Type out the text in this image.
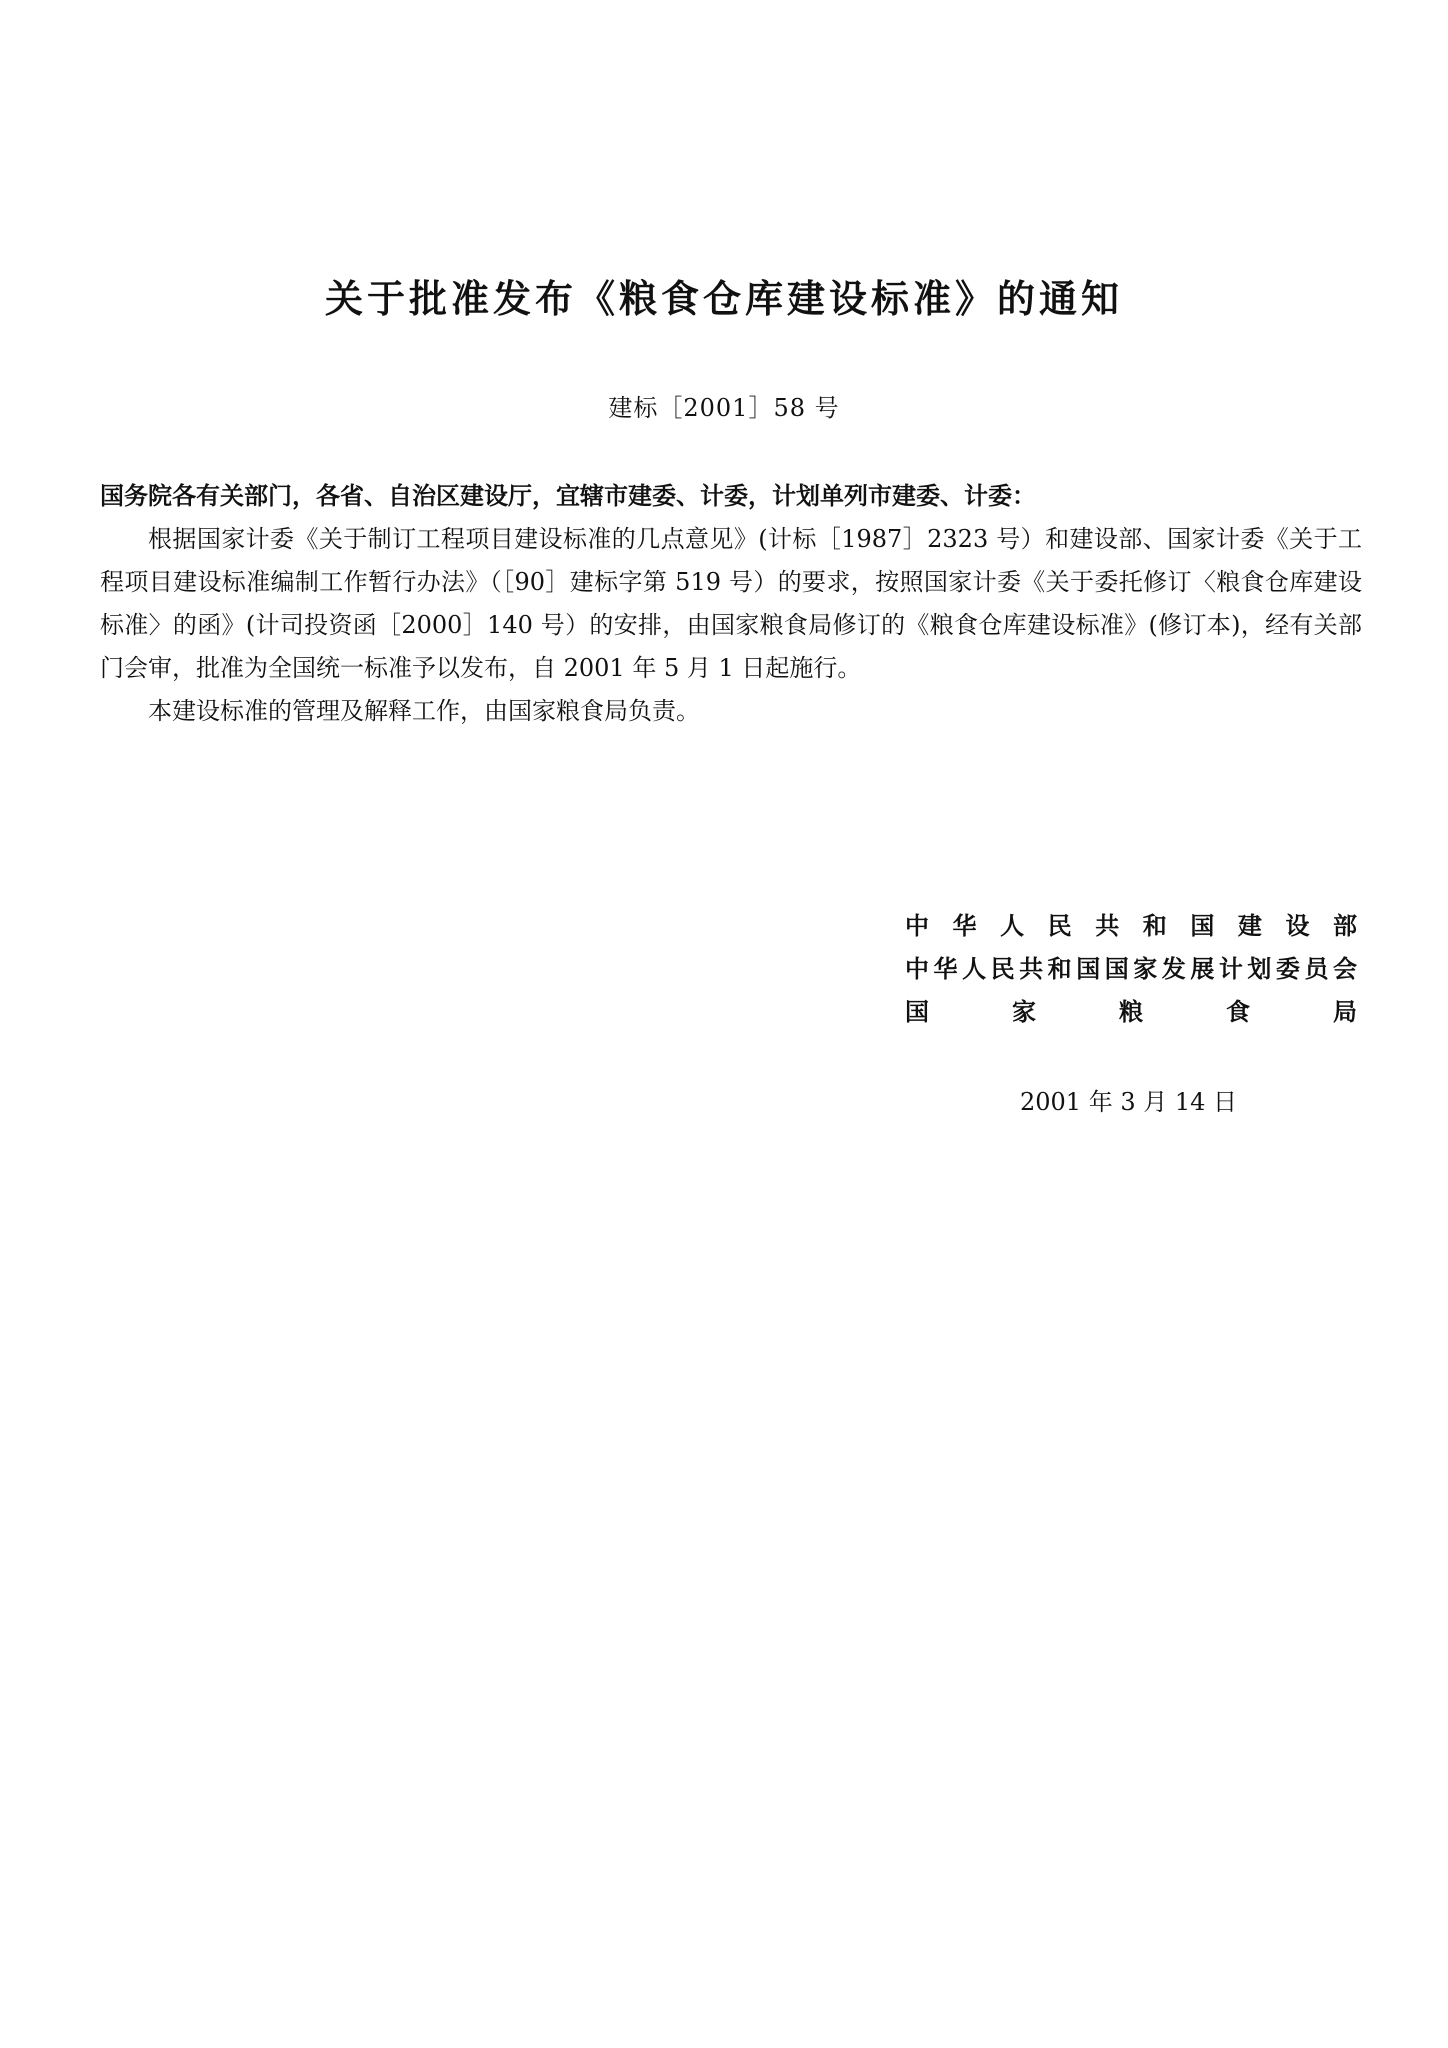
关于批准发布《粮食仓库建设标准》的通知
建标［2001］58 号
国务院各有关部门，各省、自治区建设厅，宜辖市建委、计委，计划单列市建委、计委：

根据国家计委《关于制订工程项目建设标准的几点意见》(计标［1987］2323 号）和建设部、国家计委《关于工程项目建设标准编制工作暂行办法》（［90］建标字第 519 号）的要求，按照国家计委《关于委托修订〈粮食仓库建设标准〉的函》(计司投资函［2000］140 号）的安排，由国家粮食局修订的《粮食仓库建设标准》(修订本)，经有关部门会审，批准为全国统一标准予以发布，自 2001 年 5 月 1 日起施行。

本建设标准的管理及解释工作，由国家粮食局负责。

中华人民共和国建设部
中华人民共和国国家发展计划委员会
国家粮食局
2001 年 3 月 14 日
